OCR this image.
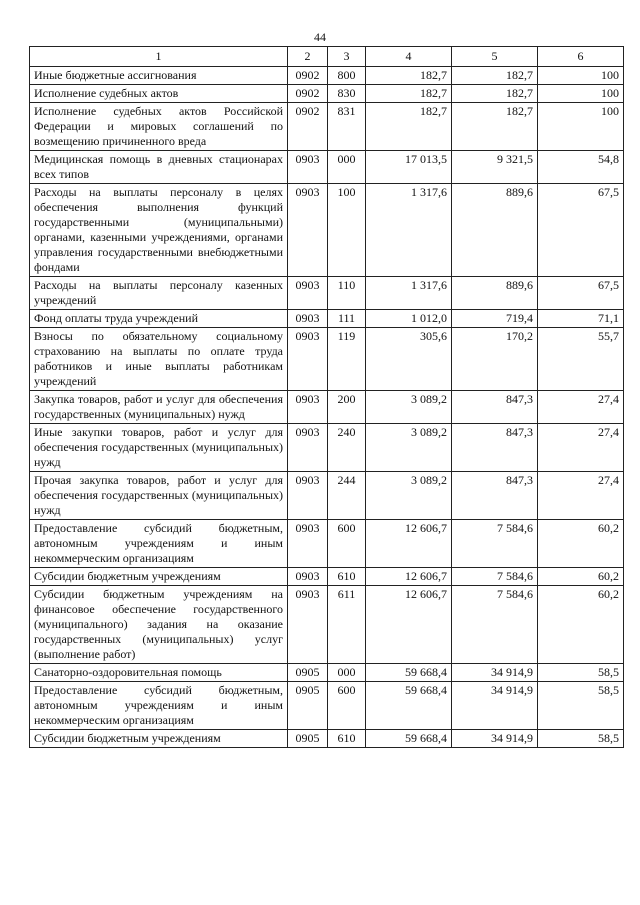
44
1	2	3	4	5	6
Иные бюджетные ассигнования	0902	800	182,7	182,7	100
Исполнение судебных актов	0902	830	182,7	182,7	100
Исполнение судебных актов Российской Федерации и мировых соглашений по возмещению причиненного вреда	0902	831	182,7	182,7	100
Медицинская помощь в дневных стационарах всех типов	0903	000	17 013,5	9 321,5	54,8
Расходы на выплаты персоналу в целях обеспечения выполнения функций государственными (муниципальными) органами, казенными учреждениями, органами управления государственными внебюджетными фондами	0903	100	1 317,6	889,6	67,5
Расходы на выплаты персоналу казенных учреждений	0903	110	1 317,6	889,6	67,5
Фонд оплаты труда учреждений	0903	111	1 012,0	719,4	71,1
Взносы по обязательному социальному страхованию на выплаты по оплате труда работников и иные выплаты работникам учреждений	0903	119	305,6	170,2	55,7
Закупка товаров, работ и услуг для обеспечения государственных (муниципальных) нужд	0903	200	3 089,2	847,3	27,4
Иные закупки товаров, работ и услуг для обеспечения государственных (муниципальных) нужд	0903	240	3 089,2	847,3	27,4
Прочая закупка товаров, работ и услуг для обеспечения государственных (муниципальных) нужд	0903	244	3 089,2	847,3	27,4
Предоставление субсидий бюджетным, автономным учреждениям и иным некоммерческим организациям	0903	600	12 606,7	7 584,6	60,2
Субсидии бюджетным учреждениям	0903	610	12 606,7	7 584,6	60,2
Субсидии бюджетным учреждениям на финансовое обеспечение государственного (муниципального) задания на оказание государственных (муниципальных) услуг (выполнение работ)	0903	611	12 606,7	7 584,6	60,2
Санаторно-оздоровительная помощь	0905	000	59 668,4	34 914,9	58,5
Предоставление субсидий бюджетным, автономным учреждениям и иным некоммерческим организациям	0905	600	59 668,4	34 914,9	58,5
Субсидии бюджетным учреждениям	0905	610	59 668,4	34 914,9	58,5
